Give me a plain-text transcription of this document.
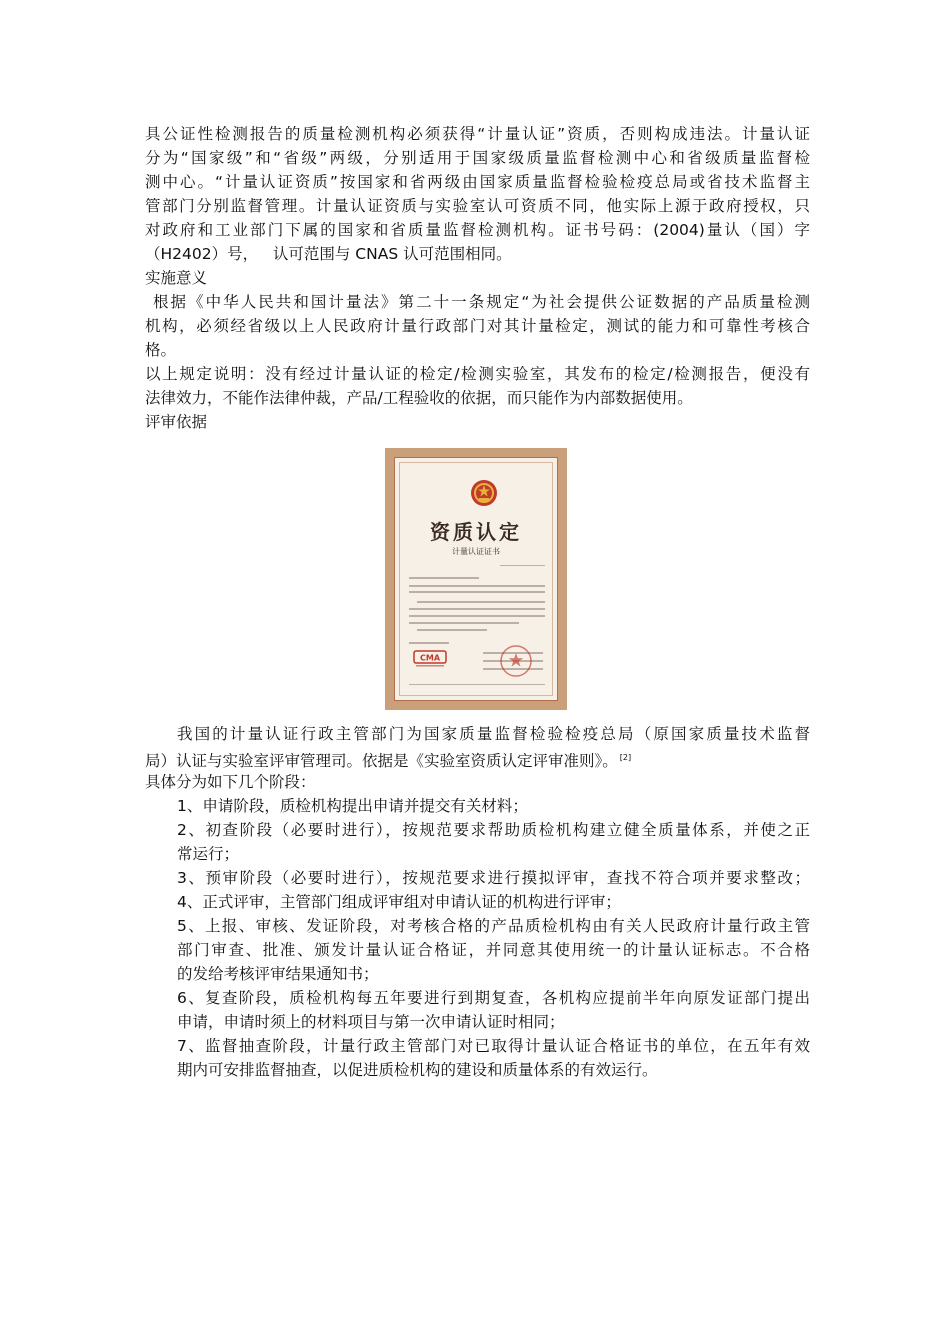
具公证性检测报告的质量检测机构必须获得“计量认证”资质，否则构成违法。计量认证
分为“国家级”和“省级”两级，分别适用于国家级质量监督检测中心和省级质量监督检
测中心。“计量认证资质”按国家和省两级由国家质量监督检验检疫总局或省技术监督主
管部门分别监督管理。计量认证资质与实验室认可资质不同，他实际上源于政府授权，只
对政府和工业部门下属的国家和省质量监督检测机构。证书号码：(2004)量认（国）字
（H2402）号，   认可范围与 CNAS 认可范围相同。
实施意义
根据《中华人民共和国计量法》第二十一条规定“为社会提供公证数据的产品质量检测
机构，必须经省级以上人民政府计量行政部门对其计量检定，测试的能力和可靠性考核合
格。
以上规定说明：没有经过计量认证的检定/检测实验室，其发布的检定/检测报告，便没有
法律效力，不能作法律仲裁，产品/工程验收的依据，而只能作为内部数据使用。
评审依据
资质认定
计量认证证书
CMA
我国的计量认证行政主管部门为国家质量监督检验检疫总局（原国家质量技术监督
局）认证与实验室评审管理司。依据是《实验室资质认定评审准则》。 [2]
具体分为如下几个阶段：
1、申请阶段，质检机构提出申请并提交有关材料；
2、初查阶段（必要时进行），按规范要求帮助质检机构建立健全质量体系，并使之正
常运行；
3、预审阶段（必要时进行），按规范要求进行摸拟评审，查找不符合项并要求整改；
4、正式评审，主管部门组成评审组对申请认证的机构进行评审；
5、上报、审核、发证阶段，对考核合格的产品质检机构由有关人民政府计量行政主管
部门审查、批准、颁发计量认证合格证，并同意其使用统一的计量认证标志。不合格
的发给考核评审结果通知书；
6、复查阶段，质检机构每五年要进行到期复查，各机构应提前半年向原发证部门提出
申请，申请时须上的材料项目与第一次申请认证时相同；
7、监督抽查阶段，计量行政主管部门对已取得计量认证合格证书的单位，在五年有效
期内可安排监督抽查，以促进质检机构的建设和质量体系的有效运行。
